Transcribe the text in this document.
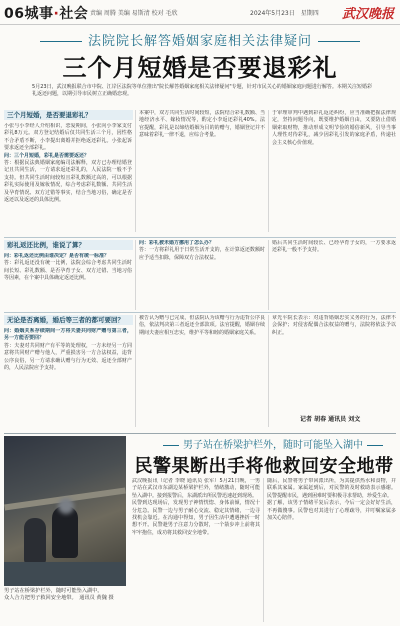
06城事·社会 责编 周腾 美编 易斯清 校对 毛欣	2024年5月23日　星期四 武汉晚报
法院院长解答婚姻家庭相关法律疑问
三个月短婚是否要退彩礼
5月23日，武汉晚报联合市中院、江岸区法院等单位推出"院长解答婚姻家庭相关法律疑问"专题，针对市民关心的婚姻家庭问题进行解答。本期关注短婚彩礼返还问题，以期引导市民树立正确婚恋观。
三个月短婚，是否要退彩礼？
小张与小李经人介绍相识，恋爱期间，小张向小李家支付彩礼8万元。双方登记结婚后仅共同生活三个月，因性格不合矛盾不断，小李提出离婚并拒绝返还彩礼。小张起诉要求返还全部彩礼。
问：三个月短婚，彩礼是否需要返还？
答：根据民法典婚姻家庭编司法解释，双方已办理结婚登记且共同生活，一方请求返还彩礼的，人民法院一般不予支持。但共同生活时间较短且彩礼数额过高的，可以根据彩礼实际使用及嫁妆情况，综合考虑彩礼数额、共同生活及孕育情况、双方过错等事实，结合当地习俗，确定是否返还以及返还的具体比例。
本案中，双方共同生活时间较短，法院结合彩礼数额、当地经济水平、嫁妆情况等，酌定小李返还彩礼40%。法官提醒，彩礼是以缔结婚姻为目的的赠与，婚姻登记并不意味着彩礼一律不退，应综合考量。
于审理审判中遇到彩礼返还纠纷，应当准确把握法律规定，坚持问题导向，既要维护婚姻自由，又要防止借婚姻索取财物，推动形成文明节俭的婚俗新风，引导当事人理性对待彩礼，减少因彩礼引发的家庭矛盾，传递社会主义核心价值观。
彩礼返还比例，谁说了算？
问：彩礼返还比例由谁决定？是否有统一标准？
答：彩礼返还没有统一比例，法院会综合考虑共同生活时间长短、彩礼数额、是否孕育子女、双方过错、当地习俗等因素，在个案中具体确定返还比例。
问：彩礼被未婚方挪用了怎么办？
答：一方将彩礼用于日常生活开支的，在计算返还数额时应予适当扣除，保障双方合法权益。
婚后共同生活时间较长、已经孕育子女的，一方要求返还彩礼一般不予支持。
无论是否离婚，婚后等三者的都可要回？
问：婚姻关系存续期间一方将夫妻共同财产赠与第三者，另一方能否要回？
答：夫妻对共同财产有平等的处理权，一方未经另一方同意将共同财产赠与他人，严重损害另一方合法权益，违背公序良俗，另一方请求确认赠与行为无效、返还全部财产的，人民法院应予支持。
被告认为赠与已完成，但法院认为该赠与行为违背公序良俗，依法判决第三者返还全部款项。法官提醒，婚姻存续期间夫妻应相互忠实，维护平等和睦的婚姻家庭关系。
章光平院长表示：对违背婚姻忠实义务的行为，法律不会保护；对侵害配偶合法权益的赠与，法院将依法予以纠正。
记者 胡春 通讯员 刘文
男子站在桥梁护栏外，随时可能坠入湖中。
众人合力把男子救回安全地带。　通讯员 黄魏 摄
男子站在桥梁护栏外，随时可能坠入湖中
民警果断出手将他救回安全地带
武汉晚报讯（记者 李晓 通讯员 张军）5月21日晚，一男子站在武汉市东湖边某桥梁护栏外，情绪激动，随时可能坠入湖中。接到报警后，东湖派出所民警迅速赶到现场。
民警到达现场后，发现男子神情恍惚、身体前倾，情况十分危急。民警一边与男子耐心交流、稳定其情绪，一边寻找机会靠近。在沟通中得知，男子因生活中遭遇挫折一时想不开。民警趁男子注意力分散时，一个箭步冲上前将其牢牢抱住，成功将其救回安全地带。
随后，民警将男子带回派出所，为其提供热水和食物，并联系其家属。家属赶到后，对民警的及时救助表示感谢。民警提醒市民，遇到困难时要积极寻求帮助，珍爱生命。
据了解，该男子情绪平复后表示，今后一定会好好生活，不再做傻事。民警也对其进行了心理疏导，并叮嘱家属多加关心陪伴。
